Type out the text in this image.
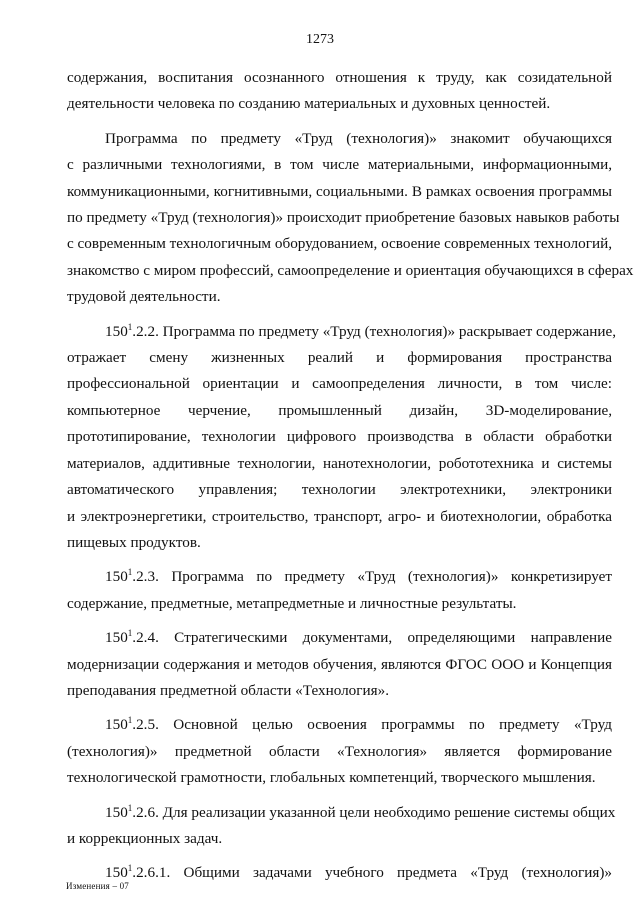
1273
содержания, воспитания осознанного отношения к труду, как созидательной
деятельности человека по созданию материальных и духовных ценностей.
Программа по предмету «Труд (технология)» знакомит обучающихся
с различными технологиями, в том числе материальными, информационными,
коммуникационными, когнитивными, социальными. В рамках освоения программы
по предмету «Труд (технология)» происходит приобретение базовых навыков работы
с современным технологичным оборудованием, освоение современных технологий,
знакомство с миром профессий, самоопределение и ориентация обучающихся в сферах
трудовой деятельности.
$150^1.2.2$. Программа по предмету «Труд (технология)» раскрывает содержание,
отражает смену жизненных реалий и формирования пространства
профессиональной ориентации и самоопределения личности, в том числе:
компьютерное черчение, промышленный дизайн, 3D-моделирование,
прототипирование, технологии цифрового производства в области обработки
материалов, аддитивные технологии, нанотехнологии, робототехника и системы
автоматического управления; технологии электротехники, электроники
и электроэнергетики, строительство, транспорт, агро- и биотехнологии, обработка
пищевых продуктов.
$150^1.2.3$. Программа по предмету «Труд (технология)» конкретизирует
содержание, предметные, метапредметные и личностные результаты.
$150^1.2.4$. Стратегическими документами, определяющими направление
модернизации содержания и методов обучения, являются ФГОС ООО и Концепция
преподавания предметной области «Технология».
$150^1.2.5$. Основной целью освоения программы по предмету «Труд
(технология)» предметной области «Технология» является формирование
технологической грамотности, глобальных компетенций, творческого мышления.
$150^1.2.6$. Для реализации указанной цели необходимо решение системы общих
и коррекционных задач.
$150^1.2.6.1$. Общими задачами учебного предмета «Труд (технология)»
Изменения – 07
